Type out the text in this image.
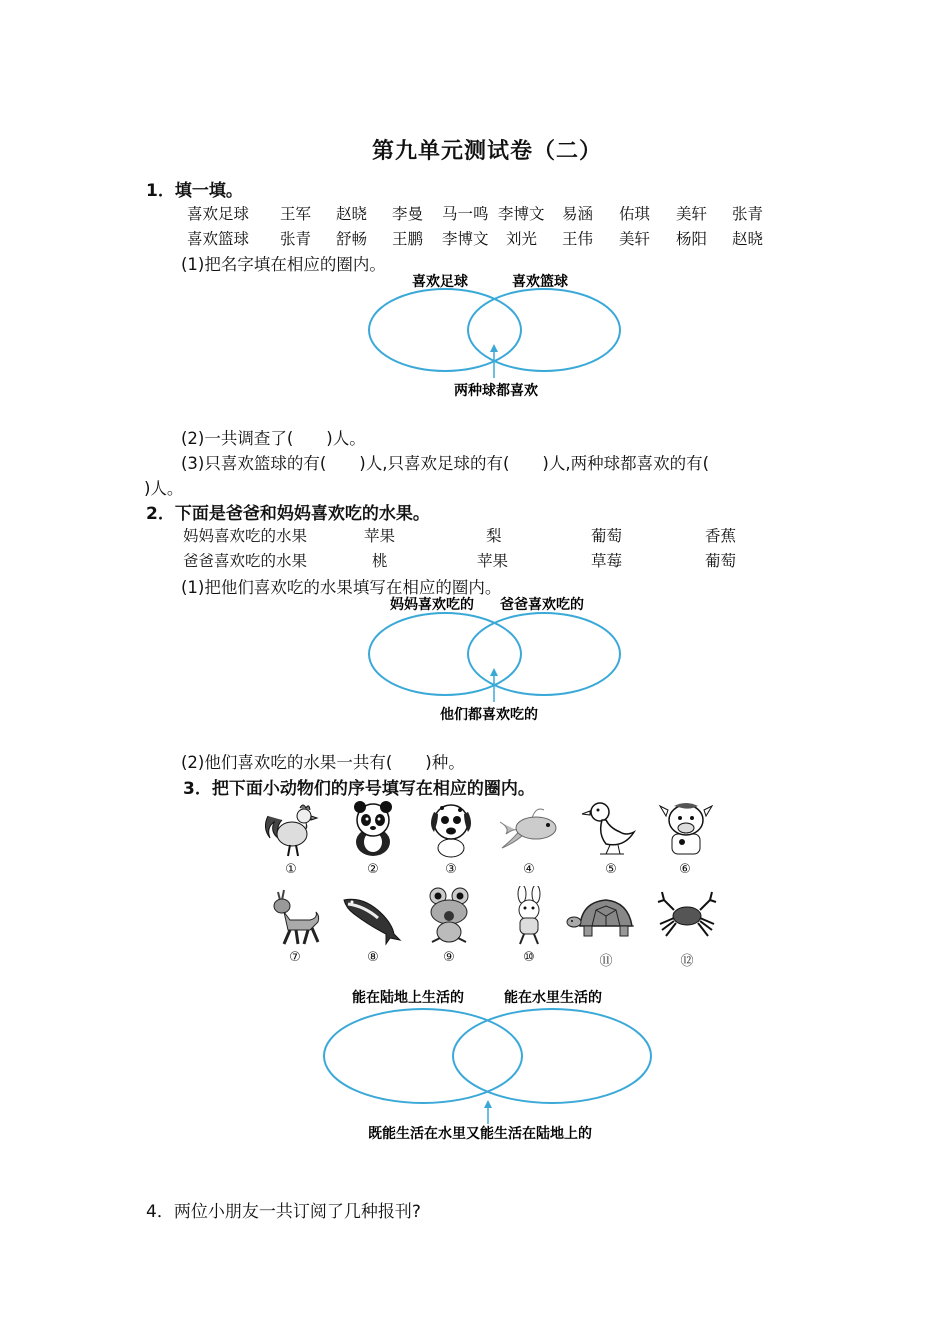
第九单元测试卷（二）
1．填一填。
喜欢足球 王军 赵晓 李曼 马一鸣 李博文 易涵 佑琪 美轩 张青
喜欢篮球 张青 舒畅 王鹏 李博文 刘光 王伟 美轩 杨阳 赵晓
(1)把名字填在相应的圈内。
喜欢足球	喜欢篮球
两种球都喜欢
(2)一共调查了(　　)人。
(3)只喜欢篮球的有(　　)人,只喜欢足球的有(　　)人,两种球都喜欢的有(
)人。
2．下面是爸爸和妈妈喜欢吃的水果。
妈妈喜欢吃的水果	苹果	梨	葡萄	香蕉
爸爸喜欢吃的水果	桃	苹果	草莓	葡萄
(1)把他们喜欢吃的水果填写在相应的圈内。
妈妈喜欢吃的 爸爸喜欢吃的
他们都喜欢吃的
(2)他们喜欢吃的水果一共有(　　)种。
3．把下面小动物们的序号填写在相应的圈内。
①	②	③	④	⑤	⑥
⑦	⑧	⑨	⑩	⑪	⑫
能在陆地上生活的	能在水里生活的
既能生活在水里又能生活在陆地上的
4．两位小朋友一共订阅了几种报刊?
